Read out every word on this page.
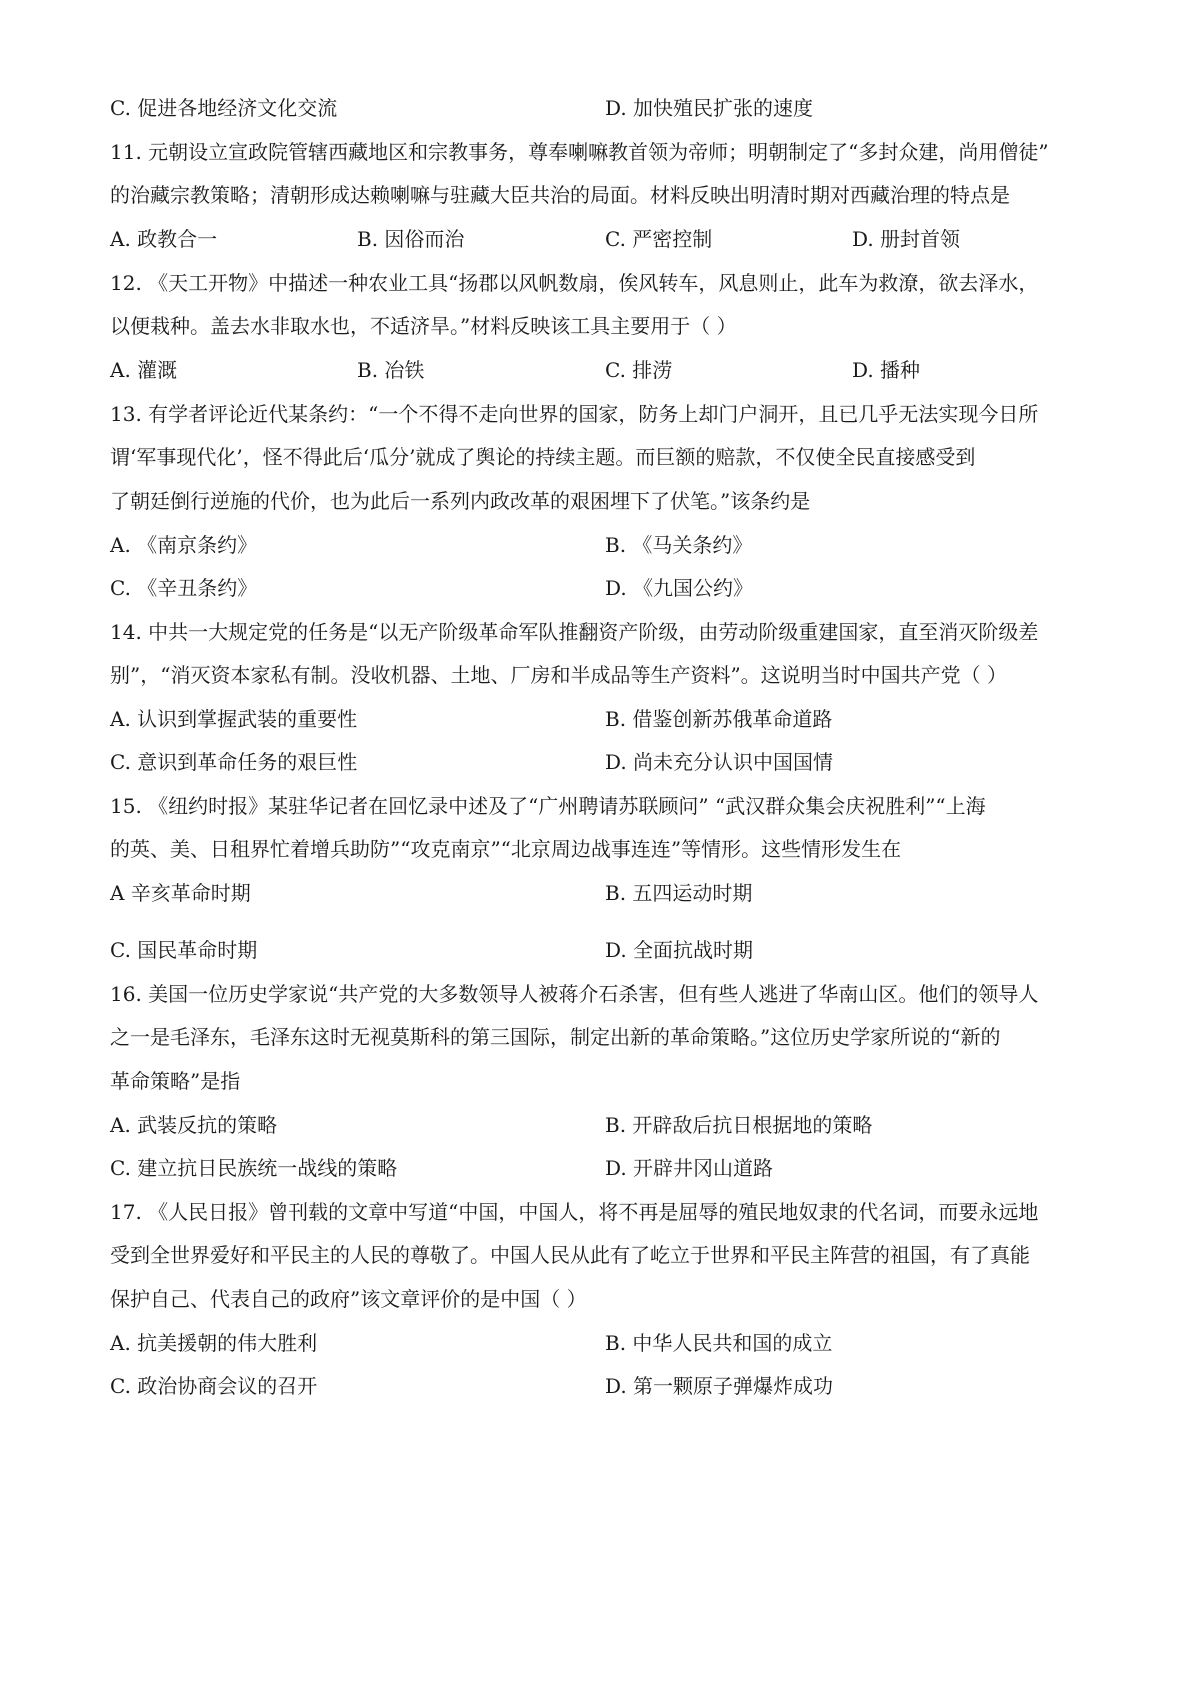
C. 促进各地经济文化交流	D. 加快殖民扩张的速度
11. 元朝设立宣政院管辖西藏地区和宗教事务，尊奉喇嘛教首领为帝师；明朝制定了“多封众建，尚用僧徒”
的治藏宗教策略；清朝形成达赖喇嘛与驻藏大臣共治的局面。材料反映出明清时期对西藏治理的特点是
A. 政教合一	B. 因俗而治	C. 严密控制	D. 册封首领
12. 《天工开物》中描述一种农业工具“扬郡以风帆数扇，俟风转车，风息则止，此车为救潦，欲去泽水，
以便栽种。盖去水非取水也，不适济旱。”材料反映该工具主要用于（ ）
A. 灌溉	B. 冶铁	C. 排涝	D. 播种
13. 有学者评论近代某条约：“一个不得不走向世界的国家，防务上却门户洞开，且已几乎无法实现今日所
谓‘军事现代化’，怪不得此后‘瓜分’就成了舆论的持续主题。而巨额的赔款，不仅使全民直接感受到
了朝廷倒行逆施的代价，也为此后一系列内政改革的艰困埋下了伏笔。”该条约是
A. 《南京条约》	B. 《马关条约》
C. 《辛丑条约》	D. 《九国公约》
14. 中共一大规定党的任务是“以无产阶级革命军队推翻资产阶级，由劳动阶级重建国家，直至消灭阶级差
别”，“消灭资本家私有制。没收机器、土地、厂房和半成品等生产资料”。这说明当时中国共产党（ ）
A. 认识到掌握武装的重要性	B. 借鉴创新苏俄革命道路
C. 意识到革命任务的艰巨性	D. 尚未充分认识中国国情
15. 《纽约时报》某驻华记者在回忆录中述及了“广州聘请苏联顾问” “武汉群众集会庆祝胜利”“上海
的英、美、日租界忙着增兵助防”“攻克南京”“北京周边战事连连”等情形。这些情形发生在
A 辛亥革命时期	B. 五四运动时期
C. 国民革命时期	D. 全面抗战时期
16. 美国一位历史学家说“共产党的大多数领导人被蒋介石杀害，但有些人逃进了华南山区。他们的领导人
之一是毛泽东，毛泽东这时无视莫斯科的第三国际，制定出新的革命策略。”这位历史学家所说的“新的
革命策略”是指
A. 武装反抗的策略	B. 开辟敌后抗日根据地的策略
C. 建立抗日民族统一战线的策略	D. 开辟井冈山道路
17. 《人民日报》曾刊载的文章中写道“中国，中国人，将不再是屈辱的殖民地奴隶的代名词，而要永远地
受到全世界爱好和平民主的人民的尊敬了。中国人民从此有了屹立于世界和平民主阵营的祖国，有了真能
保护自己、代表自己的政府”该文章评价的是中国（ ）
A. 抗美援朝的伟大胜利	B. 中华人民共和国的成立
C. 政治协商会议的召开	D. 第一颗原子弹爆炸成功
